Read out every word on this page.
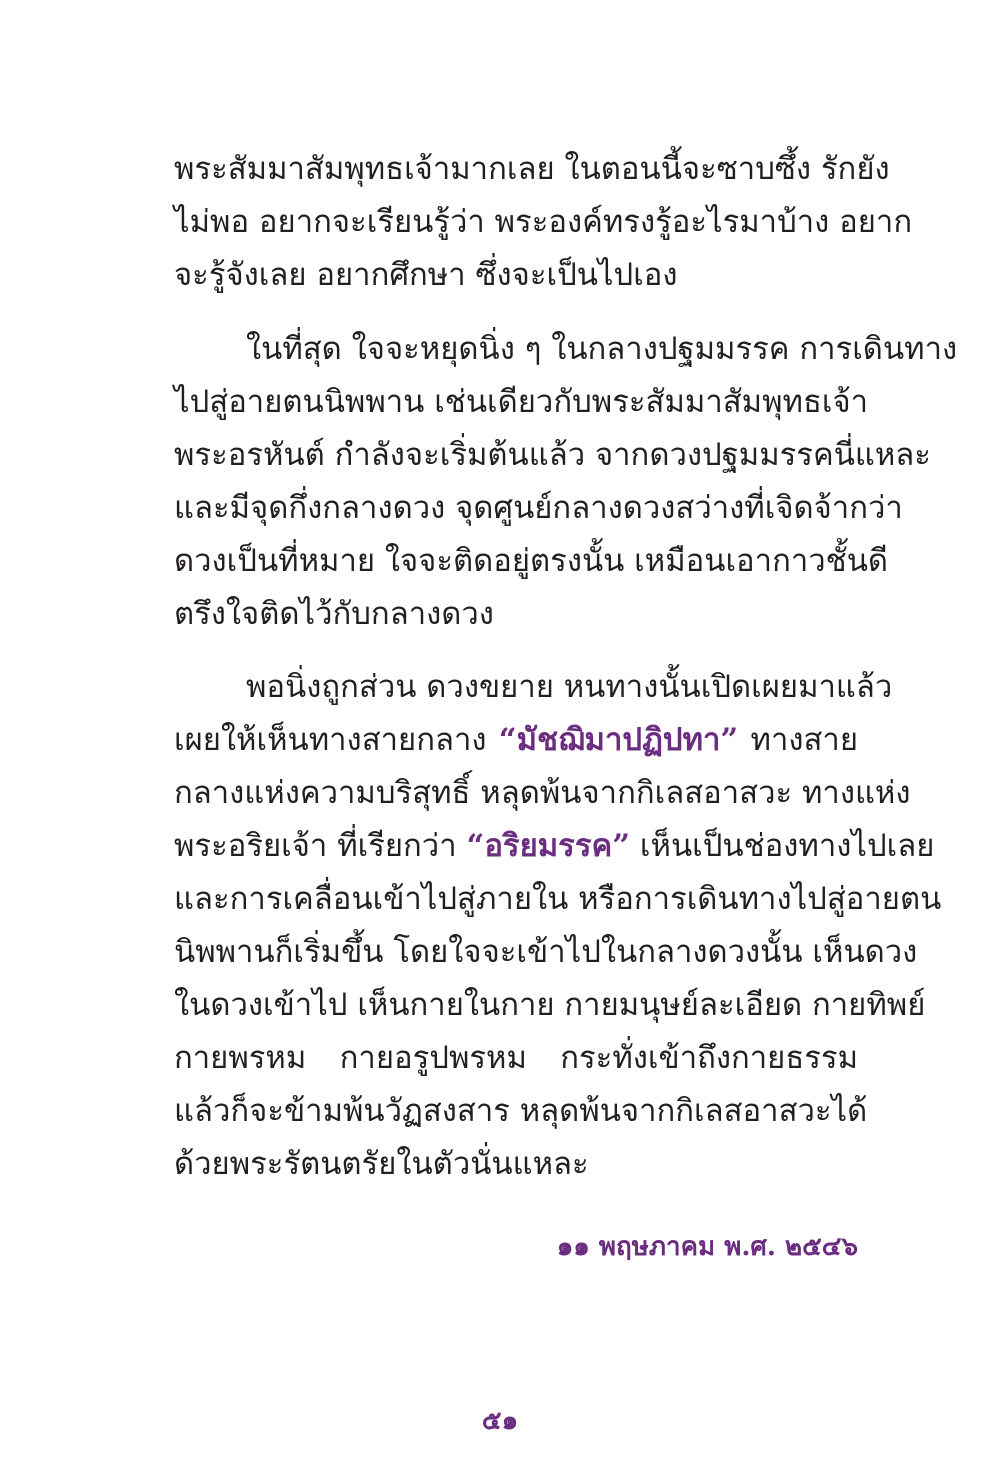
พระสัมมาสัมพุทธเจ้ามากเลย ในตอนนี้จะซาบซึ้ง รักยัง
ไม่พอ อยากจะเรียนรู้ว่า พระองค์ทรงรู้อะไรมาบ้าง อยาก
จะรู้จังเลย อยากศึกษา ซึ่งจะเป็นไปเอง
ในที่สุด ใจจะหยุดนิ่ง ๆ ในกลางปฐมมรรค การเดินทาง
ไปสู่อายตนนิพพาน เช่นเดียวกับพระสัมมาสัมพุทธเจ้า
พระอรหันต์ กำลังจะเริ่มต้นแล้ว จากดวงปฐมมรรคนี่แหละ
และมีจุดกึ่งกลางดวง จุดศูนย์กลางดวงสว่างที่เจิดจ้ากว่า
ดวงเป็นที่หมาย ใจจะติดอยู่ตรงนั้น เหมือนเอากาวชั้นดี
ตรึงใจติดไว้กับกลางดวง
พอนิ่งถูกส่วน ดวงขยาย หนทางนั้นเปิดเผยมาแล้ว
เผยให้เห็นทางสายกลาง “มัชฌิมาปฏิปทา” ทางสาย
กลางแห่งความบริสุทธิ์ หลุดพ้นจากกิเลสอาสวะ ทางแห่ง
พระอริยเจ้า ที่เรียกว่า “อริยมรรค” เห็นเป็นช่องทางไปเลย
และการเคลื่อนเข้าไปสู่ภายใน หรือการเดินทางไปสู่อายตน
นิพพานก็เริ่มขึ้น โดยใจจะเข้าไปในกลางดวงนั้น เห็นดวง
ในดวงเข้าไป เห็นกายในกาย กายมนุษย์ละเอียด กายทิพย์
กายพรหม กายอรูปพรหม กระทั่งเข้าถึงกายธรรม
แล้วก็จะข้ามพ้นวัฏสงสาร หลุดพ้นจากกิเลสอาสวะได้
ด้วยพระรัตนตรัยในตัวนั่นแหละ
๑๑ พฤษภาคม พ.ศ. ๒๕๔๖
๕๑
